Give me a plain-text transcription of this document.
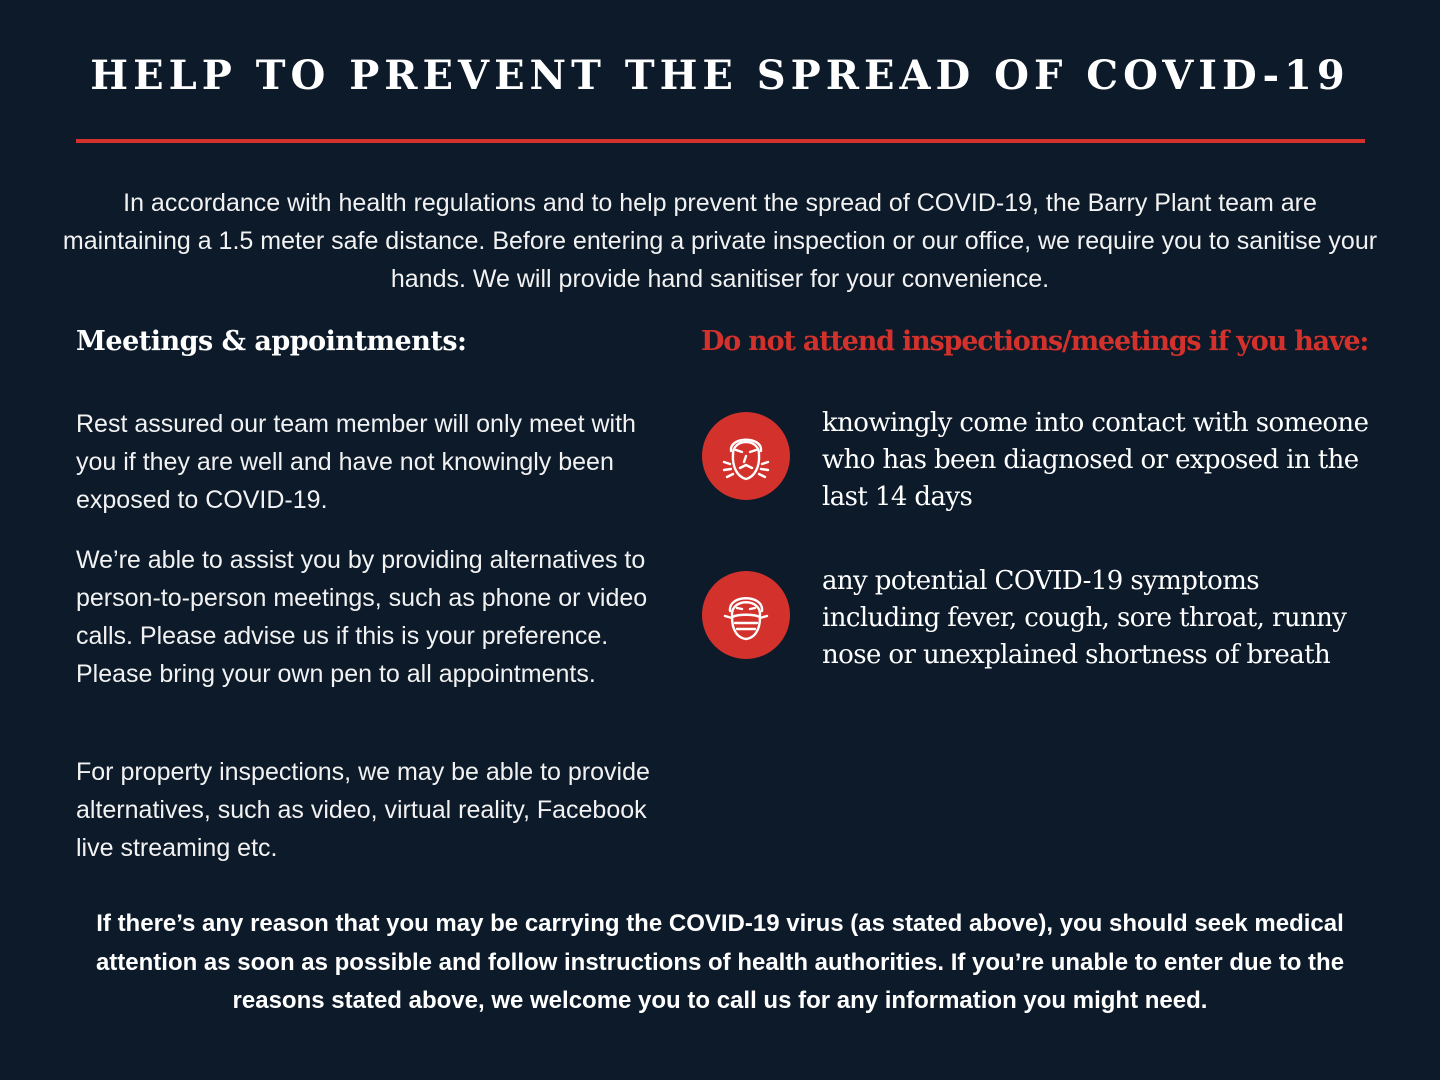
HELP TO PREVENT THE SPREAD OF COVID-19

In accordance with health regulations and to help prevent the spread of COVID-19, the Barry Plant team are maintaining a 1.5 meter safe distance. Before entering a private inspection or our office, we require you to sanitise your hands. We will provide hand sanitiser for your convenience.

Meetings & appointments:	Do not attend inspections/meetings if you have:

Rest assured our team member will only meet with you if they are well and have not knowingly been exposed to COVID-19.

We’re able to assist you by providing alternatives to person-to-person meetings, such as phone or video calls. Please advise us if this is your preference. Please bring your own pen to all appointments.

For property inspections, we may be able to provide alternatives, such as video, virtual reality, Facebook live streaming etc.

knowingly come into contact with someone who has been diagnosed or exposed in the last 14 days

any potential COVID-19 symptoms including fever, cough, sore throat, runny nose or unexplained shortness of breath

If there’s any reason that you may be carrying the COVID-19 virus (as stated above), you should seek medical attention as soon as possible and follow instructions of health authorities. If you’re unable to enter due to the reasons stated above, we welcome you to call us for any information you might need.
